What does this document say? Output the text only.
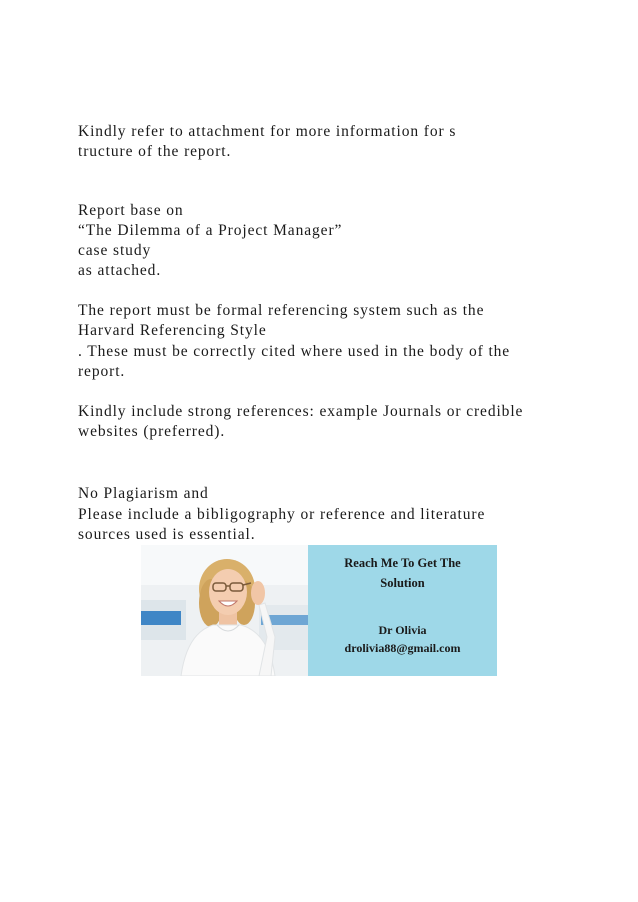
Kindly refer to attachment for more information for s
tructure of the report.
Report base on
“The Dilemma of a Project Manager”
case study
as attached.
The report must be formal referencing system such as the
Harvard Referencing Style
. These must be correctly cited where used in the body of the
report.
Kindly include strong references: example Journals or credible
websites (preferred).
No Plagiarism and
Please include a bibligography or reference and literature
sources used is essential.
Reach Me To Get The
Solution
Dr Olivia
drolivia88@gmail.com
